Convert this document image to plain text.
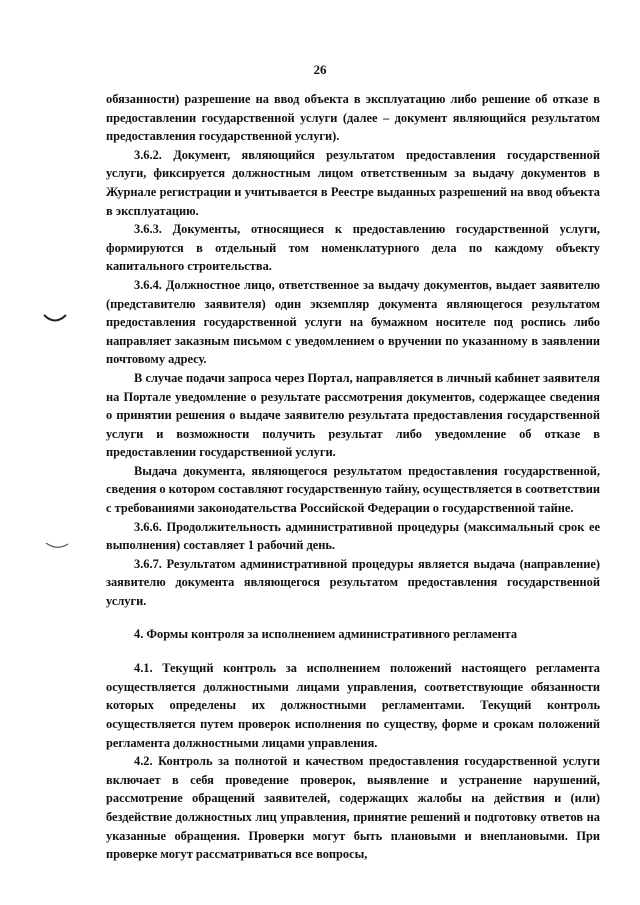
26

обязанности) разрешение на ввод объекта в эксплуатацию либо решение об отказе в предоставлении государственной услуги (далее – документ являющийся результатом предоставления государственной услуги).

3.6.2. Документ, являющийся результатом предоставления государственной услуги, фиксируется должностным лицом ответственным за выдачу документов в Журнале регистрации и учитывается в Реестре выданных разрешений на ввод объекта в эксплуатацию.

3.6.3. Документы, относящиеся к предоставлению государственной услуги, формируются в отдельный том номенклатурного дела по каждому объекту капитального строительства.

3.6.4. Должностное лицо, ответственное за выдачу документов, выдает заявителю (представителю заявителя) один экземпляр документа являющегося результатом предоставления государственной услуги на бумажном носителе под роспись либо направляет заказным письмом с уведомлением о вручении по указанному в заявлении почтовому адресу.

В случае подачи запроса через Портал, направляется в личный кабинет заявителя на Портале уведомление о результате рассмотрения документов, содержащее сведения о принятии решения о выдаче заявителю результата предоставления государственной услуги и возможности получить результат либо уведомление об отказе в предоставлении государственной услуги.

Выдача документа, являющегося результатом предоставления государственной, сведения о котором составляют государственную тайну, осуществляется в соответствии с требованиями законодательства Российской Федерации о государственной тайне.

3.6.6. Продолжительность административной процедуры (максимальный срок ее выполнения) составляет 1 рабочий день.

3.6.7. Результатом административной процедуры является выдача (направление) заявителю документа являющегося результатом предоставления государственной услуги.

4. Формы контроля за исполнением административного регламента

4.1. Текущий контроль за исполнением положений настоящего регламента осуществляется должностными лицами управления, соответствующие обязанности которых определены их должностными регламентами. Текущий контроль осуществляется путем проверок исполнения по существу, форме и срокам положений регламента должностными лицами управления.

4.2. Контроль за полнотой и качеством предоставления государственной услуги включает в себя проведение проверок, выявление и устранение нарушений, рассмотрение обращений заявителей, содержащих жалобы на действия и (или) бездействие должностных лиц управления, принятие решений и подготовку ответов на указанные обращения. Проверки могут быть плановыми и внеплановыми. При проверке могут рассматриваться все вопросы,
